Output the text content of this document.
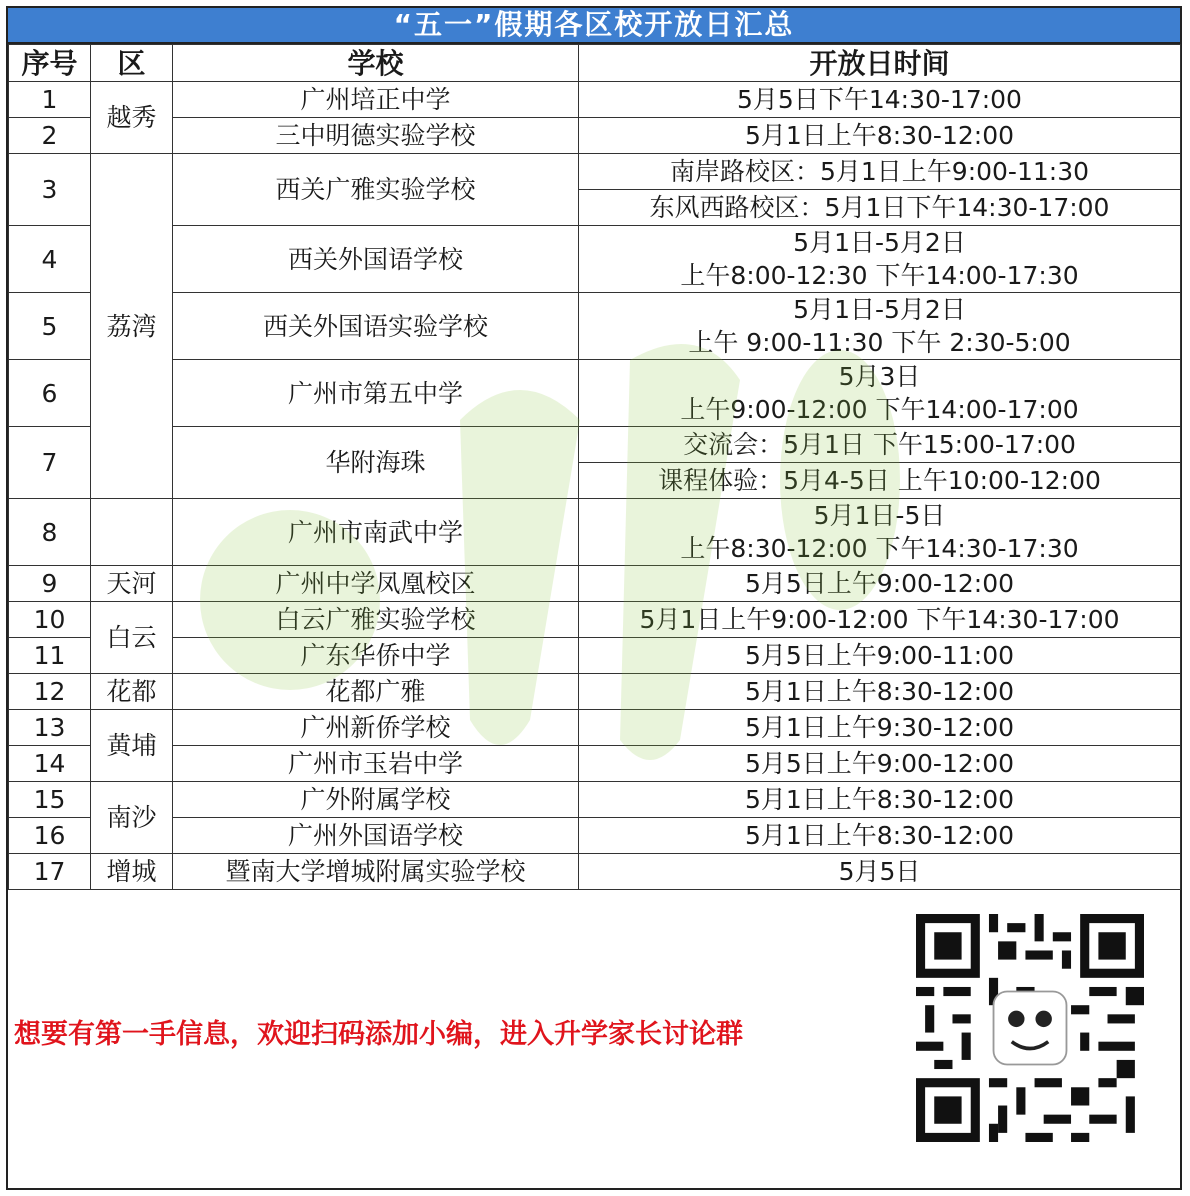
“五一”假期各区校开放日汇总
序号	区	学校	开放日时间
1	越秀	广州培正中学	5月5日下午14:30-17:00
2		三中明德实验学校	5月1日上午8:30-12:00
3	荔湾	西关广雅实验学校	南岸路校区：5月1日上午9:00-11:30
			东风西路校区：5月1日下午14:30-17:00
4		西关外国语学校	5月1日-5月2日
上午8:00-12:30 下午14:00-17:30

5		西关外国语实验学校	5月1日-5月2日
上午 9:00-11:30 下午 2:30-5:00

6		广州市第五中学	5月3日
上午9:00-12:00 下午14:00-17:00

7		华附海珠	交流会：5月1日 下午15:00-17:00
			课程体验：5月4-5日 上午10:00-12:00
8		广州市南武中学	5月1日-5日
上午8:30-12:00 下午14:30-17:30

9	天河	广州中学凤凰校区	5月5日上午9:00-12:00
10	白云	白云广雅实验学校	5月1日上午9:00-12:00 下午14:30-17:00
11		广东华侨中学	5月5日上午9:00-11:00
12	花都	花都广雅	5月1日上午8:30-12:00
13	黄埔	广州新侨学校	5月1日上午9:30-12:00
14		广州市玉岩中学	5月5日上午9:00-12:00
15	南沙	广外附属学校	5月1日上午8:30-12:00
16		广州外国语学校	5月1日上午8:30-12:00
17	增城	暨南大学增城附属实验学校	5月5日
想要有第一手信息，欢迎扫码添加小编，进入升学家长讨论群
